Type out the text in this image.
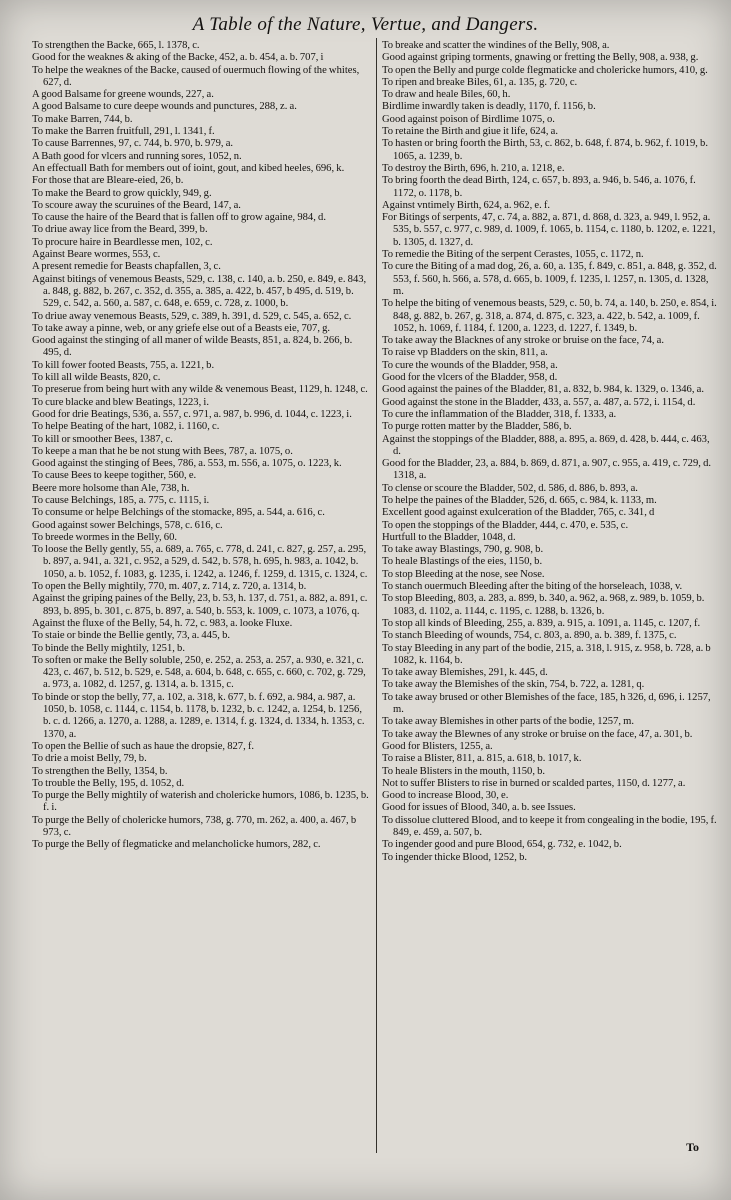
A Table of the Nature, Vertue, and Dangers.
To strengthen the Backe, 665, l. 1378, c.
Good for the weaknes & aking of the Backe, 452, a. b. 454, a. b. 707, i
To helpe the weaknes of the Backe, caused of ouermuch flowing of the whites, 627, d.
A good Balsame for greene wounds, 227, a.
A good Balsame to cure deepe wounds and punctures, 288, z. a.
To make Barren, 744, b.
To make the Barren fruitfull, 291, l. 1341, f.
To cause Barrennes, 97, c. 744, b. 970, b. 979, a.
A Bath good for vlcers and running sores, 1052, n.
An effectuall Bath for members out of ioint, gout, and kibed heeles, 696, k.
For those that are Bleare-eied, 26, b.
To make the Beard to grow quickly, 949, g.
To scoure away the scuruines of the Beard, 147, a.
To cause the haire of the Beard that is fallen off to grow againe, 984, d.
To driue away lice from the Beard, 399, b.
To procure haire in Beardlesse men, 102, c.
Against Beare wormes, 553, c.
A present remedie for Beasts chapfallen, 3, c.
Against bitings of venemous Beasts, 529, c. 138, c. 140, a. b. 250, e. 849, e. 843, a. 848, g. 882, b. 267, c. 352, d. 355, a. 385, a. 422, b. 457, b 495, d. 519, b. 529, c. 542, a. 560, a. 587, c. 648, e. 659, c. 728, z. 1000, b.
To driue away venemous Beasts, 529, c. 389, h. 391, d. 529, c. 545, a. 652, c.
To take away a pinne, web, or any griefe else out of a Beasts eie, 707, g.
Good against the stinging of all maner of wilde Beasts, 851, a. 824, b. 266, b. 495, d.
To kill fower footed Beasts, 755, a. 1221, b.
To kill all wilde Beasts, 820, c.
To preserue from being hurt with any wilde & venemous Beast, 1129, h. 1248, c.
To cure blacke and blew Beatings, 1223, i.
Good for drie Beatings, 536, a. 557, c. 971, a. 987, b. 996, d. 1044, c. 1223, i.
To helpe Beating of the hart, 1082, i. 1160, c.
To kill or smoother Bees, 1387, c.
To keepe a man that he be not stung with Bees, 787, a. 1075, o.
Good against the stinging of Bees, 786, a. 553, m. 556, a. 1075, o. 1223, k.
To cause Bees to keepe togither, 560, e.
Beere more holsome than Ale, 738, h.
To cause Belchings, 185, a. 775, c. 1115, i.
To consume or helpe Belchings of the stomacke, 895, a. 544, a. 616, c.
Good against sower Belchings, 578, c. 616, c.
To breede wormes in the Belly, 60.
To loose the Belly gently, 55, a. 689, a. 765, c. 778, d. 241, c. 827, g. 257, a. 295, b. 897, a. 941, a. 321, c. 952, a 529, d. 542, b. 578, h. 695, h. 983, a. 1042, b. 1050, a. b. 1052, f. 1083, g. 1235, i. 1242, a. 1246, f. 1259, d. 1315, c. 1324, c.
To open the Belly mightily, 770, m. 407, z. 714, z. 720, a. 1314, b.
Against the griping paines of the Belly, 23, b. 53, h. 137, d. 751, a. 882, a. 891, c. 893, b. 895, b. 301, c. 875, b. 897, a. 540, b. 553, k. 1009, c. 1073, a 1076, q.
Against the fluxe of the Belly, 54, h. 72, c. 983, a. looke Fluxe.
To staie or binde the Bellie gently, 73, a. 445, b.
To binde the Belly mightily, 1251, b.
To soften or make the Belly soluble, 250, e. 252, a. 253, a. 257, a. 930, e. 321, c. 423, c. 467, b. 512, b. 529, e. 548, a. 604, b. 648, c. 655, c. 660, c. 702, g. 729, a. 973, a. 1082, d. 1257, g. 1314, a. b. 1315, c.
To binde or stop the belly, 77, a. 102, a. 318, k. 677, b. f. 692, a. 984, a. 987, a. 1050, b. 1058, c. 1144, c. 1154, b. 1178, b. 1232, b. c. 1242, a. 1254, b. 1256, b. c. d. 1266, a. 1270, a. 1288, a. 1289, e. 1314, f. g. 1324, d. 1334, h. 1353, c. 1370, a.
To open the Bellie of such as haue the dropsie, 827, f.
To drie a moist Belly, 79, b.
To strengthen the Belly, 1354, b.
To trouble the Belly, 195, d. 1052, d.
To purge the Belly mightily of waterish and cholericke humors, 1086, b. 1235, b. f. i.
To purge the Belly of cholericke humors, 738, g. 770, m. 262, a. 400, a. 467, b 973, c.
To purge the Belly of flegmaticke and melancholicke humors, 282, c.
To breake and scatter the windines of the Belly, 908, a.
Good against griping torments, gnawing or fretting the Belly, 908, a. 938, g.
To open the Belly and purge colde flegmaticke and cholericke humors, 410, g.
To ripen and breake Biles, 61, a. 135, g. 720, c.
To draw and heale Biles, 60, h.
Birdlime inwardly taken is deadly, 1170, f. 1156, b.
Good against poison of Birdlime 1075, o.
To retaine the Birth and giue it life, 624, a.
To hasten or bring foorth the Birth, 53, c. 862, b. 648, f. 874, b. 962, f. 1019, b. 1065, a. 1239, b.
To destroy the Birth, 696, h. 210, a. 1218, e.
To bring foorth the dead Birth, 124, c. 657, b. 893, a. 946, b. 546, a. 1076, f. 1172, o. 1178, b.
Against vntimely Birth, 624, a. 962, e. f.
For Bitings of serpents, 47, c. 74, a. 882, a. 871, d. 868, d. 323, a. 949, l. 952, a. 535, b. 557, c. 977, c. 989, d. 1009, f. 1065, b. 1154, c. 1180, b. 1202, e. 1221, b. 1305, d. 1327, d.
To remedie the Biting of the serpent Cerastes, 1055, c. 1172, n.
To cure the Biting of a mad dog, 26, a. 60, a. 135, f. 849, c. 851, a. 848, g. 352, d. 553, f. 560, h. 566, a. 578, d. 665, b. 1009, f. 1235, l. 1257, n. 1305, d. 1328, m.
To helpe the biting of venemous beasts, 529, c. 50, b. 74, a. 140, b. 250, e. 854, i. 848, g. 882, b. 267, g. 318, a. 874, d. 875, c. 323, a. 422, b. 542, a. 1009, f. 1052, h. 1069, f. 1184, f. 1200, a. 1223, d. 1227, f. 1349, b.
To take away the Blacknes of any stroke or bruise on the face, 74, a.
To raise vp Bladders on the skin, 811, a.
To cure the wounds of the Bladder, 958, a.
Good for the vlcers of the Bladder, 958, d.
Good against the paines of the Bladder, 81, a. 832, b. 984, k. 1329, o. 1346, a.
Good against the stone in the Bladder, 433, a. 557, a. 487, a. 572, i. 1154, d.
To cure the inflammation of the Bladder, 318, f. 1333, a.
To purge rotten matter by the Bladder, 586, b.
Against the stoppings of the Bladder, 888, a. 895, a. 869, d. 428, b. 444, c. 463, d.
Good for the Bladder, 23, a. 884, b. 869, d. 871, a. 907, c. 955, a. 419, c. 729, d. 1318, a.
To clense or scoure the Bladder, 502, d. 586, d. 886, b. 893, a.
To helpe the paines of the Bladder, 526, d. 665, c. 984, k. 1133, m.
Excellent good against exulceration of the Bladder, 765, c. 341, d
To open the stoppings of the Bladder, 444, c. 470, e. 535, c.
Hurtfull to the Bladder, 1048, d.
To take away Blastings, 790, g. 908, b.
To heale Blastings of the eies, 1150, b.
To stop Bleeding at the nose, see Nose.
To stanch ouermuch Bleeding after the biting of the horseleach, 1038, v.
To stop Bleeding, 803, a. 283, a. 899, b. 340, a. 962, a. 968, z. 989, b. 1059, b. 1083, d. 1102, a. 1144, c. 1195, c. 1288, b. 1326, b.
To stop all kinds of Bleeding, 255, a. 839, a. 915, a. 1091, a. 1145, c. 1207, f.
To stanch Bleeding of wounds, 754, c. 803, a. 890, a. b. 389, f. 1375, c.
To stay Bleeding in any part of the bodie, 215, a. 318, l. 915, z. 958, b. 728, a. b 1082, k. 1164, b.
To take away Blemishes, 291, k. 445, d.
To take away the Blemishes of the skin, 754, b. 722, a. 1281, q.
To take away brused or other Blemishes of the face, 185, h 326, d, 696, i. 1257, m.
To take away Blemishes in other parts of the bodie, 1257, m.
To take away the Blewnes of any stroke or bruise on the face, 47, a. 301, b.
Good for Blisters, 1255, a.
To raise a Blister, 811, a. 815, a. 618, b. 1017, k.
To heale Blisters in the mouth, 1150, b.
Not to suffer Blisters to rise in burned or scalded partes, 1150, d. 1277, a.
Good to increase Blood, 30, e.
Good for issues of Blood, 340, a. b. see Issues.
To dissolue cluttered Blood, and to keepe it from congealing in the bodie, 195, f. 849, e. 459, a. 507, b.
To ingender good and pure Blood, 654, g. 732, e. 1042, b.
To ingender thicke Blood, 1252, b.
To
